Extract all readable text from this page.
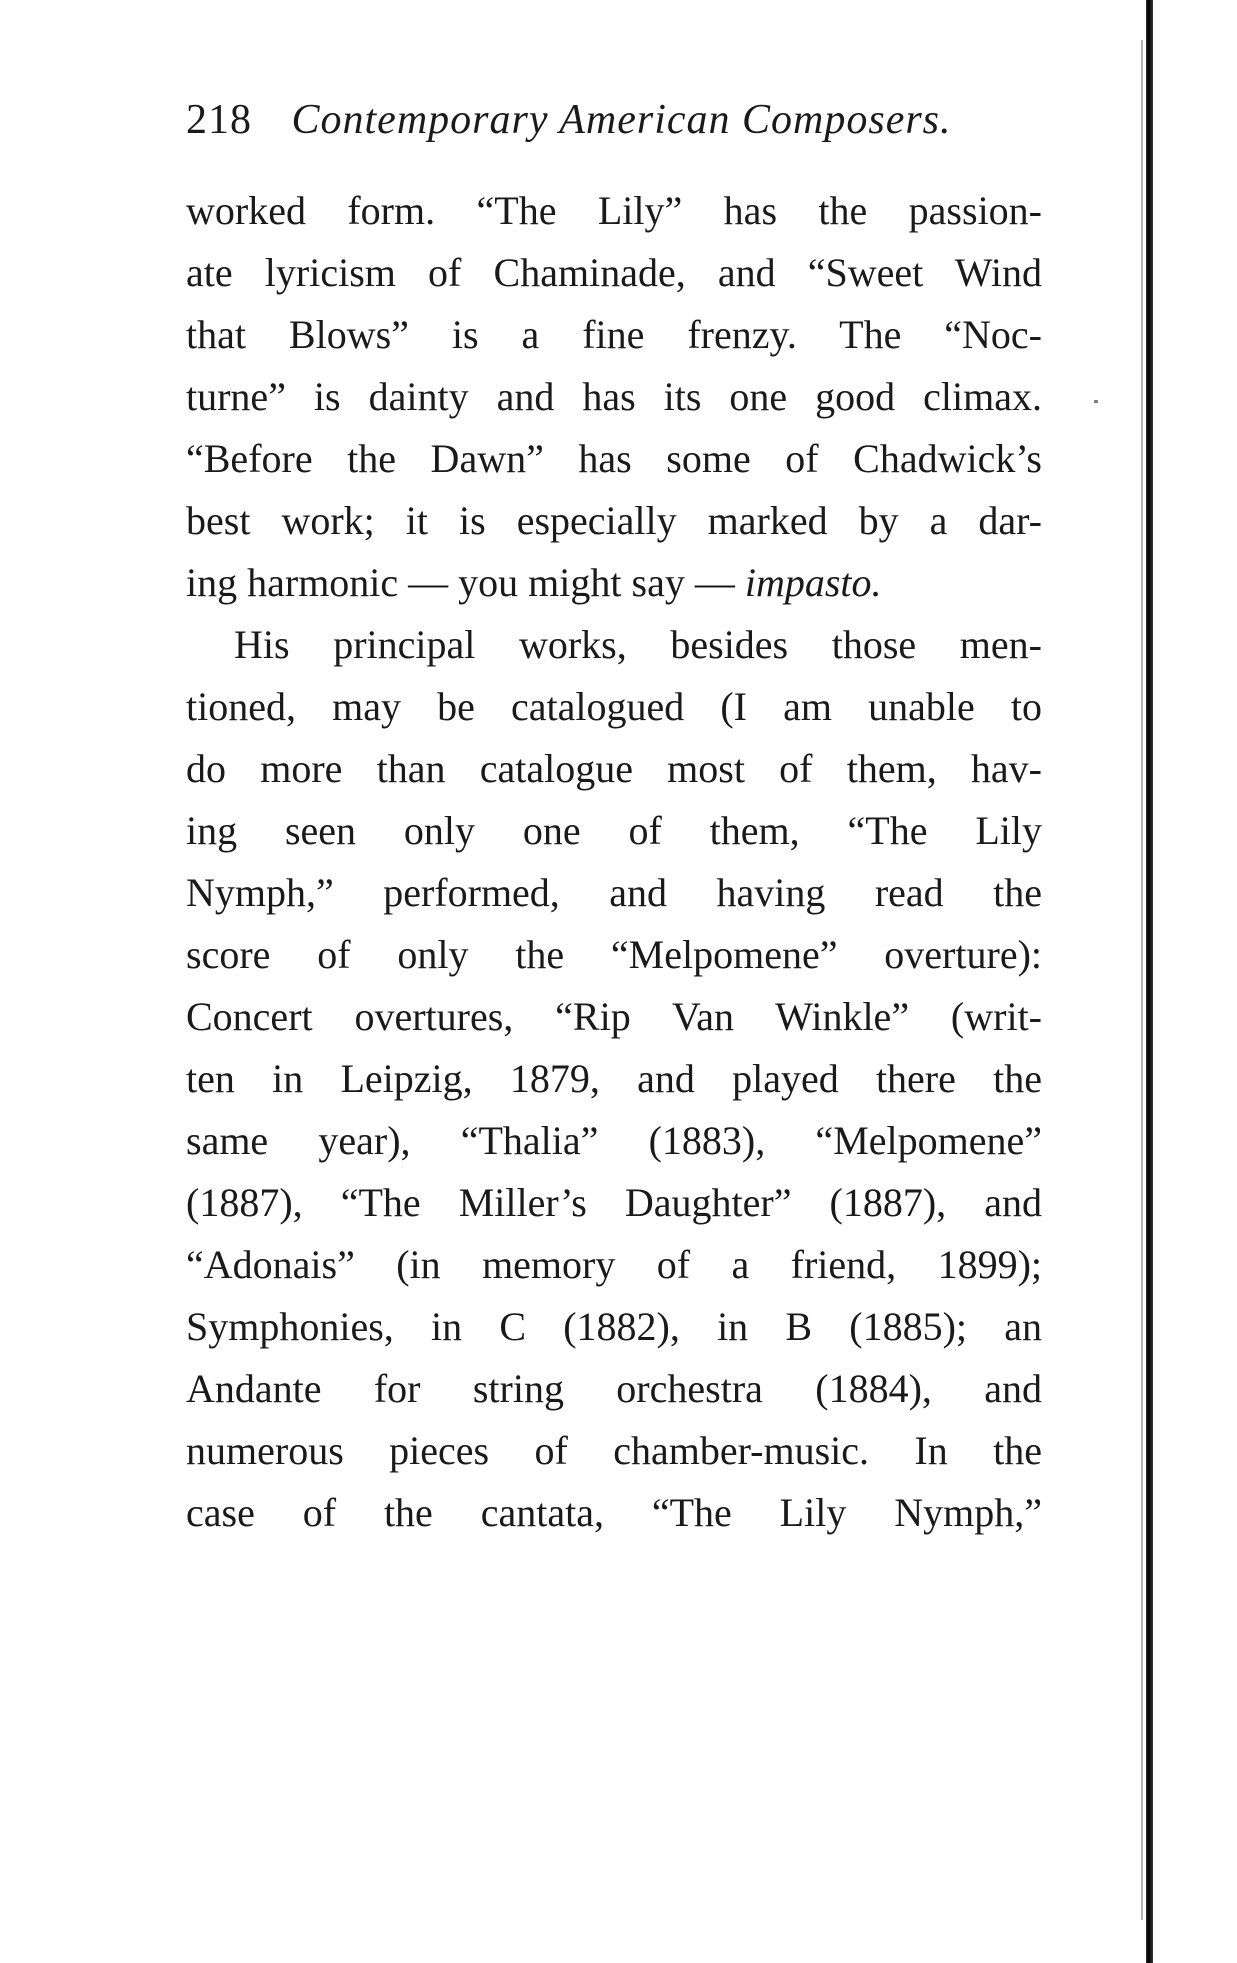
218 Contemporary American Composers.
worked form. “The Lily” has the passion-
ate lyricism of Chaminade, and “Sweet Wind
that Blows” is a fine frenzy. The “Noc-
turne” is dainty and has its one good climax.
“Before the Dawn” has some of Chadwick’s
best work; it is especially marked by a dar-
ing harmonic — you might say — impasto.
His principal works, besides those men-
tioned, may be catalogued (I am unable to
do more than catalogue most of them, hav-
ing seen only one of them, “The Lily
Nymph,” performed, and having read the
score of only the “Melpomene” overture):
Concert overtures, “Rip Van Winkle” (writ-
ten in Leipzig, 1879, and played there the
same year), “Thalia” (1883), “Melpomene”
(1887), “The Miller’s Daughter” (1887), and
“Adonais” (in memory of a friend, 1899);
Symphonies, in C (1882), in B (1885); an
Andante for string orchestra (1884), and
numerous pieces of chamber-music. In the
case of the cantata, “The Lily Nymph,”
